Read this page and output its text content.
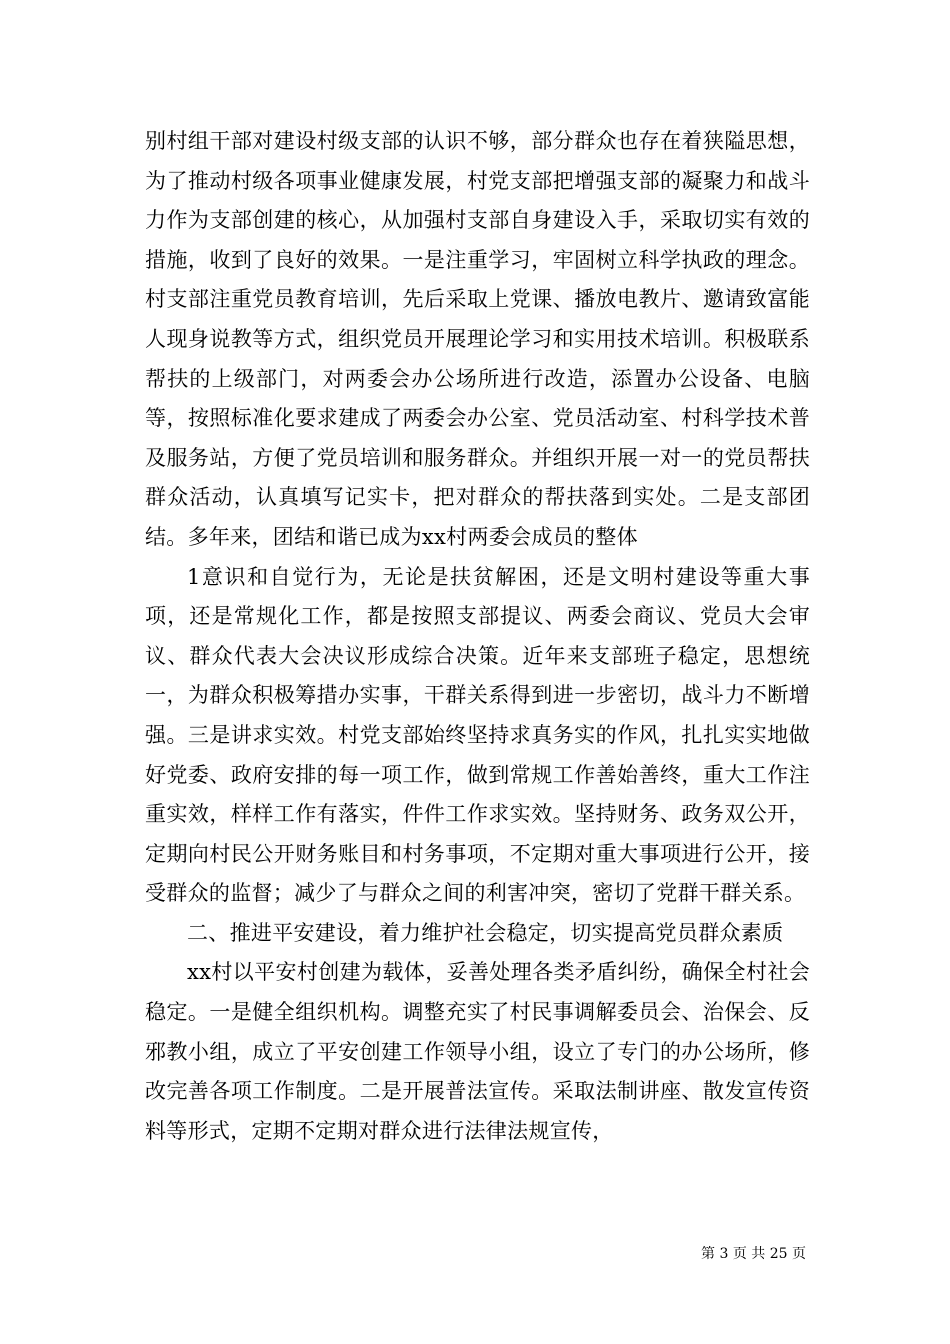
别村组干部对建设村级支部的认识不够，部分群众也存在着狭隘思想，为了推动村级各项事业健康发展，村党支部把增强支部的凝聚力和战斗力作为支部创建的核心，从加强村支部自身建设入手，采取切实有效的措施，收到了良好的效果。一是注重学习，牢固树立科学执政的理念。村支部注重党员教育培训，先后采取上党课、播放电教片、邀请致富能人现身说教等方式，组织党员开展理论学习和实用技术培训。积极联系帮扶的上级部门，对两委会办公场所进行改造，添置办公设备、电脑等，按照标准化要求建成了两委会办公室、党员活动室、村科学技术普及服务站，方便了党员培训和服务群众。并组织开展一对一的党员帮扶群众活动，认真填写记实卡，把对群众的帮扶落到实处。二是支部团结。多年来，团结和谐已成为xx村两委会成员的整体

1意识和自觉行为，无论是扶贫解困，还是文明村建设等重大事项，还是常规化工作，都是按照支部提议、两委会商议、党员大会审议、群众代表大会决议形成综合决策。近年来支部班子稳定，思想统一，为群众积极筹措办实事，干群关系得到进一步密切，战斗力不断增强。三是讲求实效。村党支部始终坚持求真务实的作风，扎扎实实地做好党委、政府安排的每一项工作，做到常规工作善始善终，重大工作注重实效，样样工作有落实，件件工作求实效。坚持财务、政务双公开，定期向村民公开财务账目和村务事项，不定期对重大事项进行公开，接受群众的监督；减少了与群众之间的利害冲突，密切了党群干群关系。

二、推进平安建设，着力维护社会稳定，切实提高党员群众素质

xx村以平安村创建为载体，妥善处理各类矛盾纠纷，确保全村社会稳定。一是健全组织机构。调整充实了村民事调解委员会、治保会、反邪教小组，成立了平安创建工作领导小组，设立了专门的办公场所，修改完善各项工作制度。二是开展普法宣传。采取法制讲座、散发宣传资料等形式，定期不定期对群众进行法律法规宣传，

第 3 页 共 25 页
